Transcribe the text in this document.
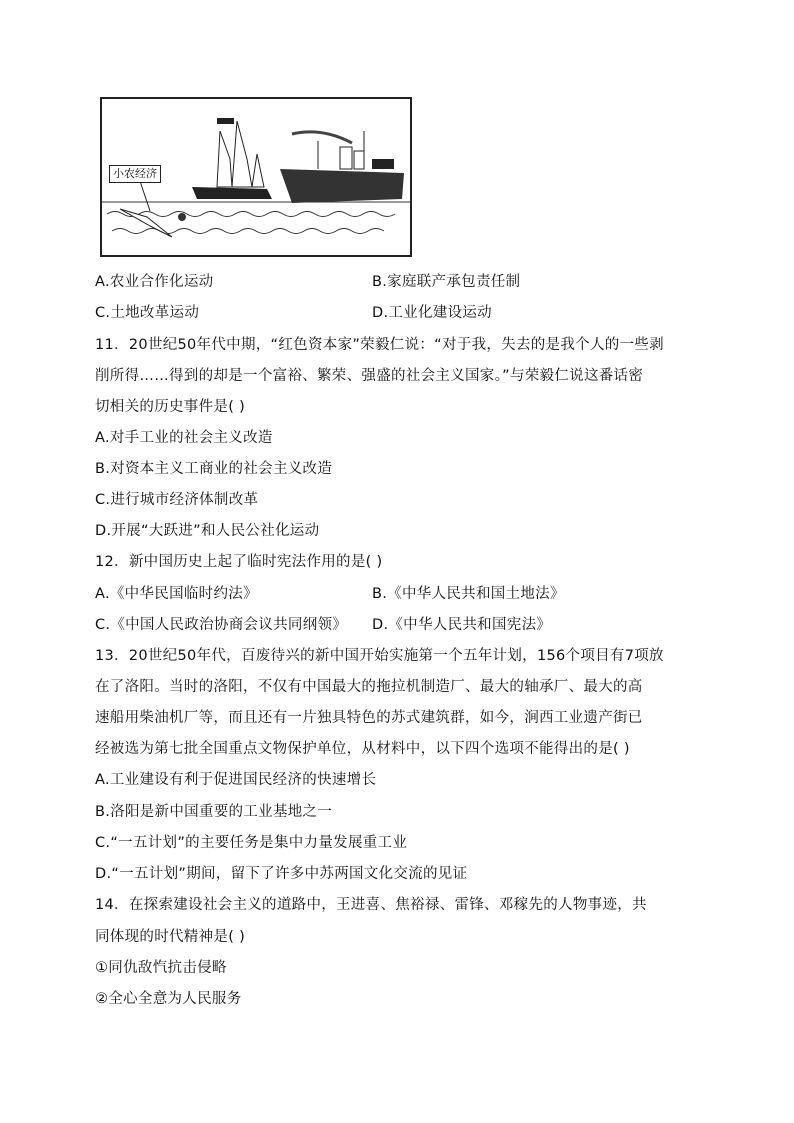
小农经济
A.农业合作化运动	B.家庭联产承包责任制
C.土地改革运动	D.工业化建设运动
11．20世纪50年代中期，“红色资本家”荣毅仁说：“对于我，失去的是我个人的一些剥
削所得……得到的却是一个富裕、繁荣、强盛的社会主义国家。”与荣毅仁说这番话密
切相关的历史事件是( )
A.对手工业的社会主义改造
B.对资本主义工商业的社会主义改造
C.进行城市经济体制改革
D.开展“大跃进”和人民公社化运动
12．新中国历史上起了临时宪法作用的是( )
A.《中华民国临时约法》	B.《中华人民共和国土地法》
C.《中国人民政治协商会议共同纲领》 D.《中华人民共和国宪法》
13．20世纪50年代，百废待兴的新中国开始实施第一个五年计划，156个项目有7项放
在了洛阳。当时的洛阳，不仅有中国最大的拖拉机制造厂、最大的轴承厂、最大的高
速船用柴油机厂等，而且还有一片独具特色的苏式建筑群，如今，涧西工业遗产街已
经被选为第七批全国重点文物保护单位，从材料中，以下四个选项不能得出的是( )
A.工业建设有利于促进国民经济的快速增长
B.洛阳是新中国重要的工业基地之一
C.“一五计划”的主要任务是集中力量发展重工业
D.“一五计划”期间，留下了许多中苏两国文化交流的见证
14．在探索建设社会主义的道路中，王进喜、焦裕禄、雷锋、邓稼先的人物事迹，共
同体现的时代精神是( )
①同仇敌忾抗击侵略
②全心全意为人民服务
